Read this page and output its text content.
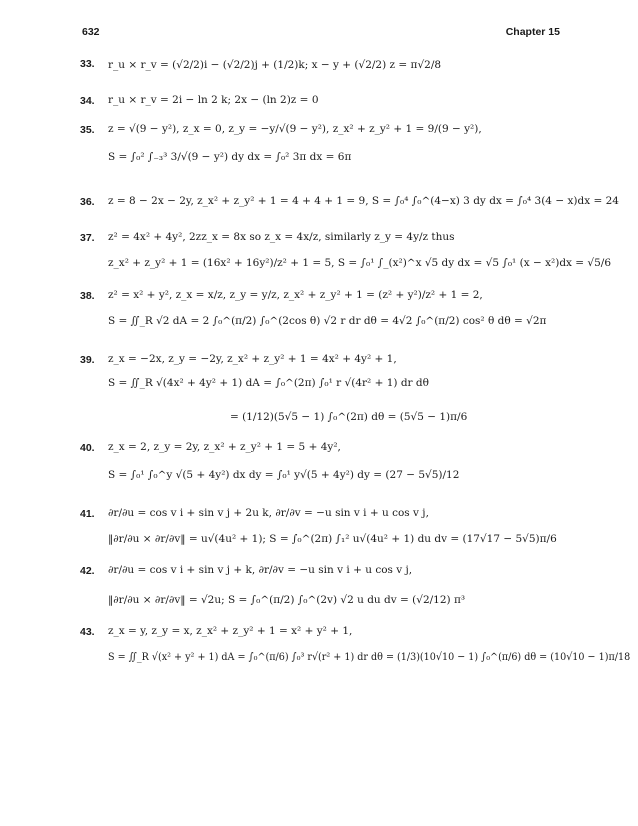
632	Chapter 15
33.	r_u × r_v = (√2/2)i − (√2/2)j + (1/2)k; x − y + (√2/2) z = π√2/8
34.	r_u × r_v = 2i − ln 2 k; 2x − (ln 2)z = 0
35.	z = √(9 − y²), z_x = 0, z_y = −y/√(9 − y²), z_x² + z_y² + 1 = 9/(9 − y²),
S = ∫₀² ∫₋₃³ 3/√(9 − y²) dy dx = ∫₀² 3π dx = 6π
36.	z = 8 − 2x − 2y, z_x² + z_y² + 1 = 4 + 4 + 1 = 9, S = ∫₀⁴ ∫₀^(4−x) 3 dy dx = ∫₀⁴ 3(4 − x)dx = 24
37.	z² = 4x² + 4y², 2zz_x = 8x so z_x = 4x/z, similarly z_y = 4y/z thus
z_x² + z_y² + 1 = (16x² + 16y²)/z² + 1 = 5, S = ∫₀¹ ∫_(x²)^x √5 dy dx = √5 ∫₀¹ (x − x²)dx = √5/6
38.	z² = x² + y², z_x = x/z, z_y = y/z, z_x² + z_y² + 1 = (z² + y²)/z² + 1 = 2,
S = ∬_R √2 dA = 2 ∫₀^(π/2) ∫₀^(2cos θ) √2 r dr dθ = 4√2 ∫₀^(π/2) cos² θ dθ = √2π
39.	z_x = −2x, z_y = −2y, z_x² + z_y² + 1 = 4x² + 4y² + 1,
S = ∬_R √(4x² + 4y² + 1) dA = ∫₀^(2π) ∫₀¹ r √(4r² + 1) dr dθ
= (1/12)(5√5 − 1) ∫₀^(2π) dθ = (5√5 − 1)π/6
40.	z_x = 2, z_y = 2y, z_x² + z_y² + 1 = 5 + 4y²,
S = ∫₀¹ ∫₀^y √(5 + 4y²) dx dy = ∫₀¹ y√(5 + 4y²) dy = (27 − 5√5)/12
41.	∂r/∂u = cos v i + sin v j + 2u k, ∂r/∂v = −u sin v i + u cos v j,
‖∂r/∂u × ∂r/∂v‖ = u√(4u² + 1); S = ∫₀^(2π) ∫₁² u√(4u² + 1) du dv = (17√17 − 5√5)π/6
42.	∂r/∂u = cos v i + sin v j + k, ∂r/∂v = −u sin v i + u cos v j,
‖∂r/∂u × ∂r/∂v‖ = √2u; S = ∫₀^(π/2) ∫₀^(2v) √2 u du dv = (√2/12) π³
43.	z_x = y, z_y = x, z_x² + z_y² + 1 = x² + y² + 1,
S = ∬_R √(x² + y² + 1) dA = ∫₀^(π/6) ∫₀³ r√(r² + 1) dr dθ = (1/3)(10√10 − 1) ∫₀^(π/6) dθ = (10√10 − 1)π/18
